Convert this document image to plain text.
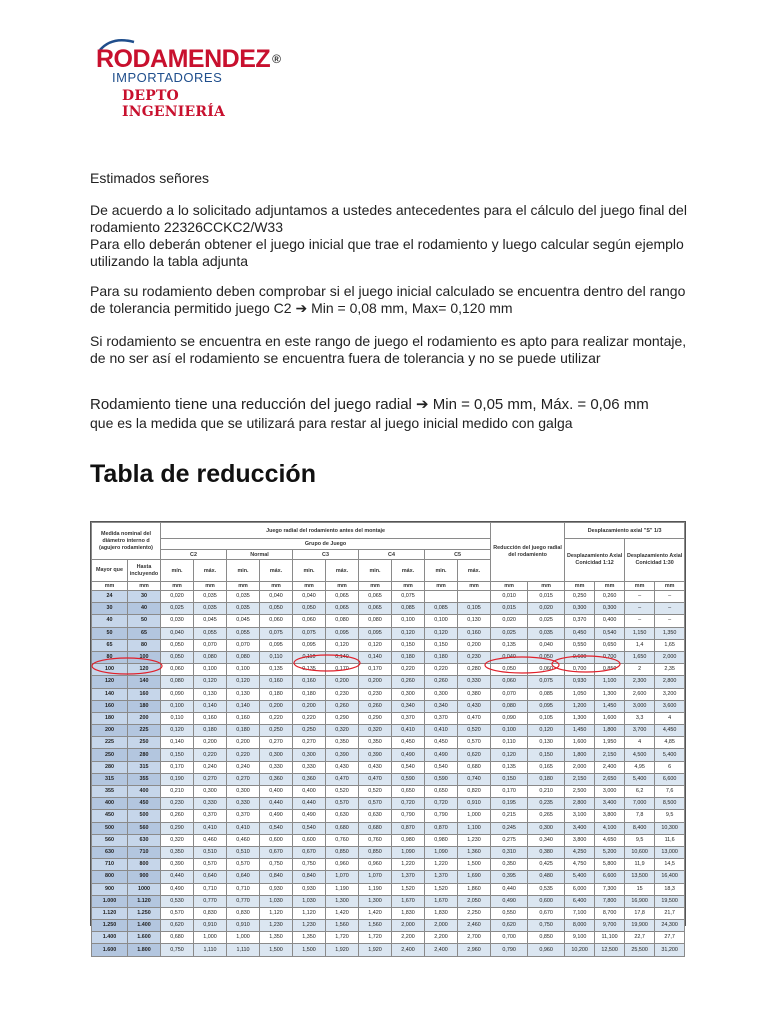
RODAMENDEZ ®
IMPORTADORES
DEPTO INGENIERÍA

Estimados señores

De acuerdo a lo solicitado adjuntamos a ustedes antecedentes para el cálculo del juego final del

rodamiento 22326CCKC2/W33

Para ello deberán obtener el juego inicial que trae el rodamiento y luego calcular según ejemplo

utilizando la tabla adjunta

Para su rodamiento deben comprobar si el juego inicial calculado se encuentra dentro del rango

de tolerancia permitido juego C2 ➔ Min = 0,08 mm, Max= 0,120 mm

Si rodamiento se encuentra en este rango de juego el rodamiento es apto para realizar montaje,

de no ser así el rodamiento se encuentra fuera de tolerancia y no se puede utilizar

Rodamiento tiene una reducción del juego radial ➔ Min = 0,05 mm, Máx. = 0,06 mm

que es la medida que se utilizará para restar al juego inicial medido con galga

Tabla de reducción
Medida nominal del diámetro interno d (agujero rodamiento)		Juego radial del rodamiento antes del montaje										Reducción del juego radial del rodamiento		Desplazamiento axial "S" 1/3				
		Grupo de Juego												Desplazamiento Axial Conicidad 1:12		Desplazamiento Axial Conicidad 1:30		
		C2		Normal		C3		C4		C5								
Mayor que	Hasta incluyendo	mín.	máx.	min.	máx.	min.	máx.	min.	máx.	min.	máx.				
mm	mm	mm	mm	mm	mm	mm	mm	mm	mm	mm	mm	mm	mm	mm	mm	mm	mm	
24	30	0,020	0,035	0,035	0,040	0,040	0,065	0,065	0,075			0,010	0,015	0,250	0,260	–	–	
30	40	0,025	0,035	0,035	0,050	0,050	0,065	0,065	0,085	0,085	0,105	0,015	0,020	0,300	0,300	–	–	
40	50	0,030	0,045	0,045	0,060	0,060	0,080	0,080	0,100	0,100	0,130	0,020	0,025	0,370	0,400	–	–	
50	65	0,040	0,055	0,055	0,075	0,075	0,095	0,095	0,120	0,120	0,160	0,025	0,035	0,450	0,540	1,150	1,350	
65	80	0,050	0,070	0,070	0,095	0,095	0,120	0,120	0,150	0,150	0,200	0,135	0,040	0,550	0,650	1,4	1,65	
80	100	0,050	0,080	0,080	0,110	0,110	0,140	0,140	0,180	0,180	0,230	0,040	0,050	0,600	0,700	1,650	2,000	
100	120	0,060	0,100	0,100	0,135	0,135	0,170	0,170	0,220	0,220	0,280	0,050	0,060	0,700	0,850	2	2,35	
120	140	0,080	0,120	0,120	0,160	0,160	0,200	0,200	0,260	0,260	0,330	0,060	0,075	0,930	1,100	2,300	2,800	
140	160	0,090	0,130	0,130	0,180	0,180	0,230	0,230	0,300	0,300	0,380	0,070	0,085	1,050	1,300	2,600	3,200	
160	180	0,100	0,140	0,140	0,200	0,200	0,260	0,260	0,340	0,340	0,430	0,080	0,095	1,200	1,450	3,000	3,600	
180	200	0,110	0,160	0,160	0,220	0,220	0,290	0,290	0,370	0,370	0,470	0,090	0,105	1,300	1,600	3,3	4	
200	225	0,120	0,180	0,180	0,250	0,250	0,320	0,320	0,410	0,410	0,520	0,100	0,120	1,450	1,800	3,700	4,450	
225	250	0,140	0,200	0,200	0,270	0,270	0,350	0,350	0,450	0,450	0,570	0,110	0,130	1,600	1,950	4	4,85	
250	280	0,150	0,220	0,220	0,300	0,300	0,390	0,390	0,490	0,490	0,620	0,120	0,150	1,800	2,150	4,500	5,400	
280	315	0,170	0,240	0,240	0,330	0,330	0,430	0,430	0,540	0,540	0,680	0,135	0,165	2,000	2,400	4,95	6	
315	355	0,190	0,270	0,270	0,360	0,360	0,470	0,470	0,590	0,590	0,740	0,150	0,180	2,150	2,650	5,400	6,600	
355	400	0,210	0,300	0,300	0,400	0,400	0,520	0,520	0,650	0,650	0,820	0,170	0,210	2,500	3,000	6,2	7,6	
400	450	0,230	0,330	0,330	0,440	0,440	0,570	0,570	0,720	0,720	0,910	0,195	0,235	2,800	3,400	7,000	8,500	
450	500	0,260	0,370	0,370	0,490	0,490	0,630	0,630	0,790	0,790	1,000	0,215	0,265	3,100	3,800	7,8	9,5	
500	560	0,290	0,410	0,410	0,540	0,540	0,680	0,680	0,870	0,870	1,100	0,245	0,300	3,400	4,100	8,400	10,300	
560	630	0,320	0,460	0,460	0,600	0,600	0,760	0,760	0,980	0,980	1,230	0,275	0,340	3,800	4,650	9,5	11,6	
630	710	0,350	0,510	0,510	0,670	0,670	0,850	0,850	1,090	1,090	1,360	0,310	0,380	4,250	5,200	10,600	13,000	
710	800	0,390	0,570	0,570	0,750	0,750	0,960	0,960	1,220	1,220	1,500	0,350	0,425	4,750	5,800	11,9	14,5	
800	900	0,440	0,640	0,640	0,840	0,840	1,070	1,070	1,370	1,370	1,690	0,395	0,480	5,400	6,600	13,500	16,400	
900	1000	0,490	0,710	0,710	0,930	0,930	1,190	1,190	1,520	1,520	1,860	0,440	0,535	6,000	7,300	15	18,3	
1.000	1.120	0,530	0,770	0,770	1,030	1,030	1,300	1,300	1,670	1,670	2,050	0,490	0,600	6,400	7,800	16,900	19,500	
1.120	1.250	0,570	0,830	0,830	1,120	1,120	1,420	1,420	1,830	1,830	2,250	0,550	0,670	7,100	8,700	17,8	21,7	
1.250	1.400	0,620	0,910	0,910	1,230	1,230	1,560	1,560	2,000	2,000	2,460	0,620	0,750	8,000	9,700	19,900	24,300	
1.400	1.600	0,680	1,000	1,000	1,350	1,350	1,720	1,720	2,200	2,200	2,700	0,700	0,850	9,100	11,100	22,7	27,7	
1.600	1.800	0,750	1,110	1,110	1,500	1,500	1,920	1,920	2,400	2,400	2,960	0,790	0,960	10,200	12,500	25,500	31,200	
